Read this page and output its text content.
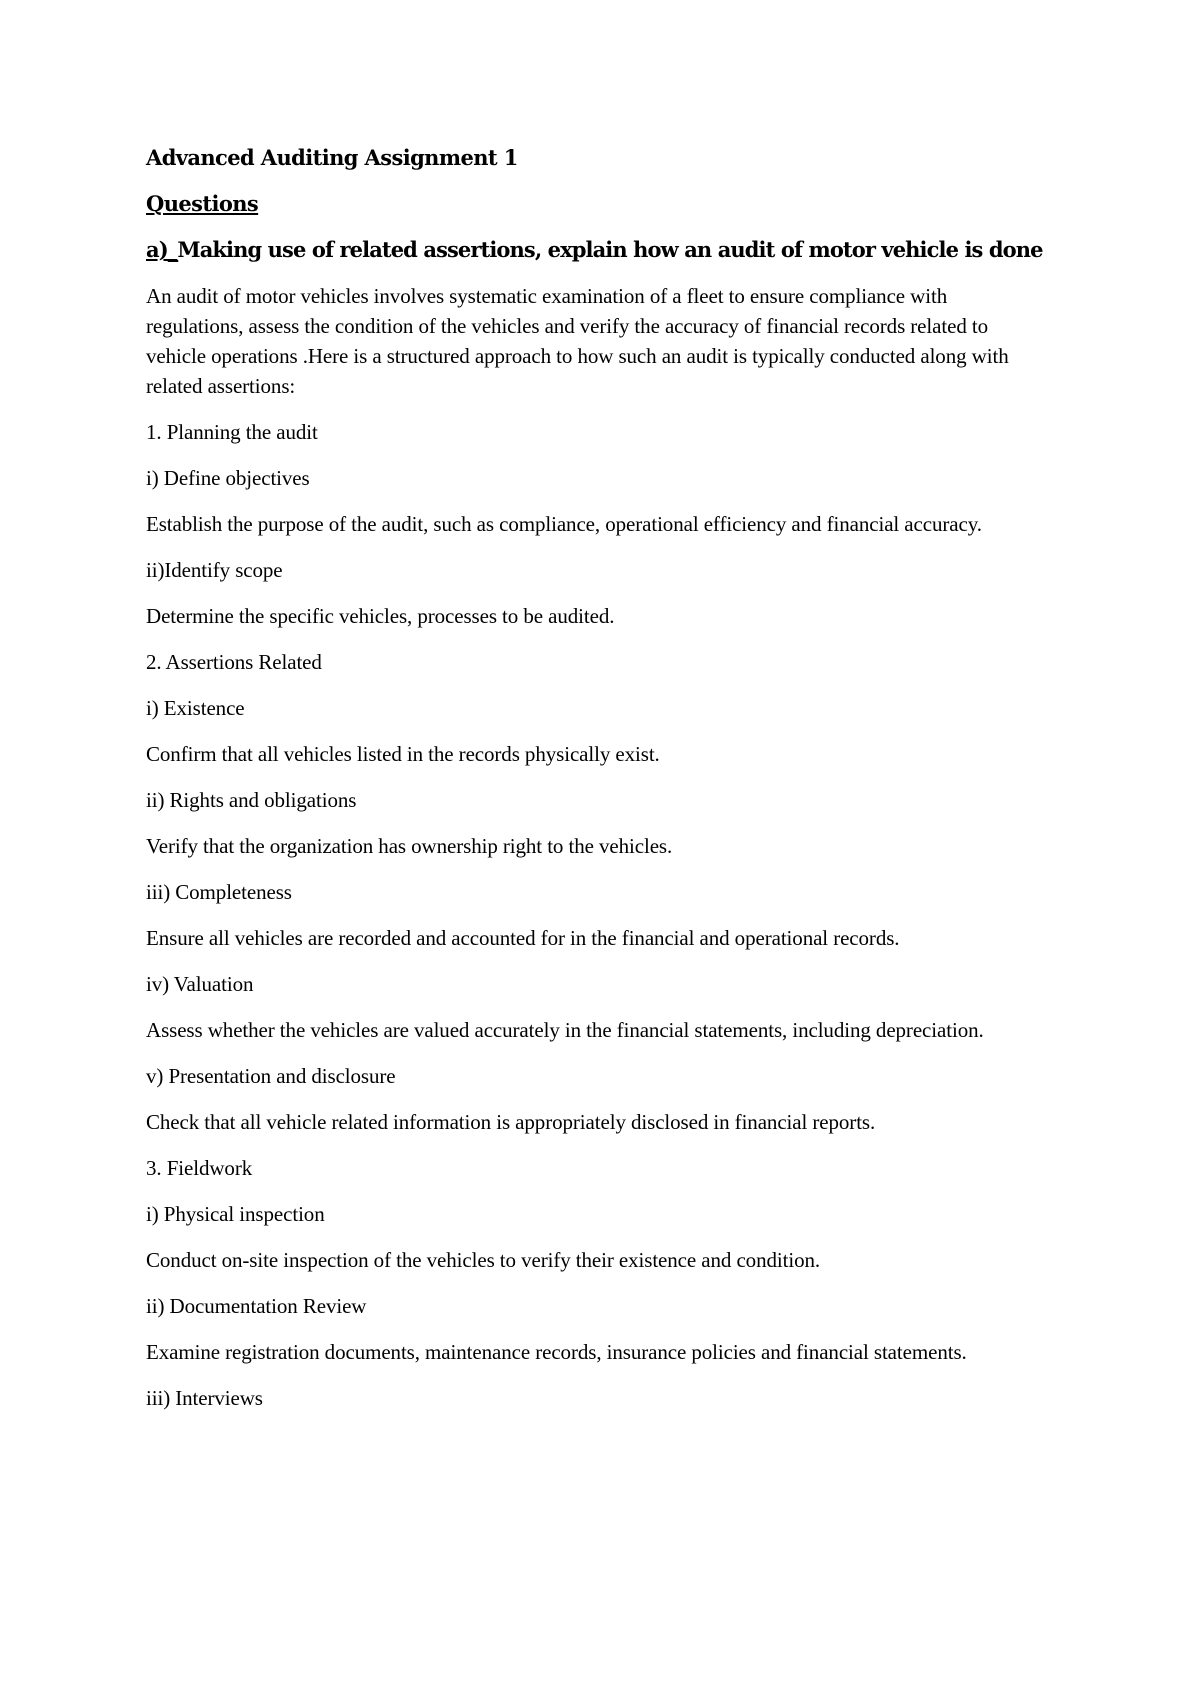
Advanced Auditing Assignment 1

Questions

a)_Making use of related assertions, explain how an audit of motor vehicle is done

An audit of motor vehicles involves systematic examination of a fleet to ensure compliance with regulations, assess the condition of the vehicles and verify the accuracy of financial records related to vehicle operations .Here is a structured approach to how such an audit is typically conducted along with related assertions:

1. Planning the audit

i) Define objectives

Establish the purpose of the audit, such as compliance, operational efficiency and financial accuracy.

ii)Identify scope

Determine the specific vehicles, processes to be audited.

2. Assertions Related

i) Existence

Confirm that all vehicles listed in the records physically exist.

ii) Rights and obligations

Verify that the organization has ownership right to the vehicles.

iii) Completeness

Ensure all vehicles are recorded and accounted for in the financial and operational records.

iv) Valuation

Assess whether the vehicles are valued accurately in the financial statements, including depreciation.

v) Presentation and disclosure

Check that all vehicle related information is appropriately disclosed in financial reports.

3. Fieldwork

i) Physical inspection

Conduct on-site inspection of the vehicles to verify their existence and condition.

ii) Documentation Review

Examine registration documents, maintenance records, insurance policies and financial statements.

iii) Interviews
